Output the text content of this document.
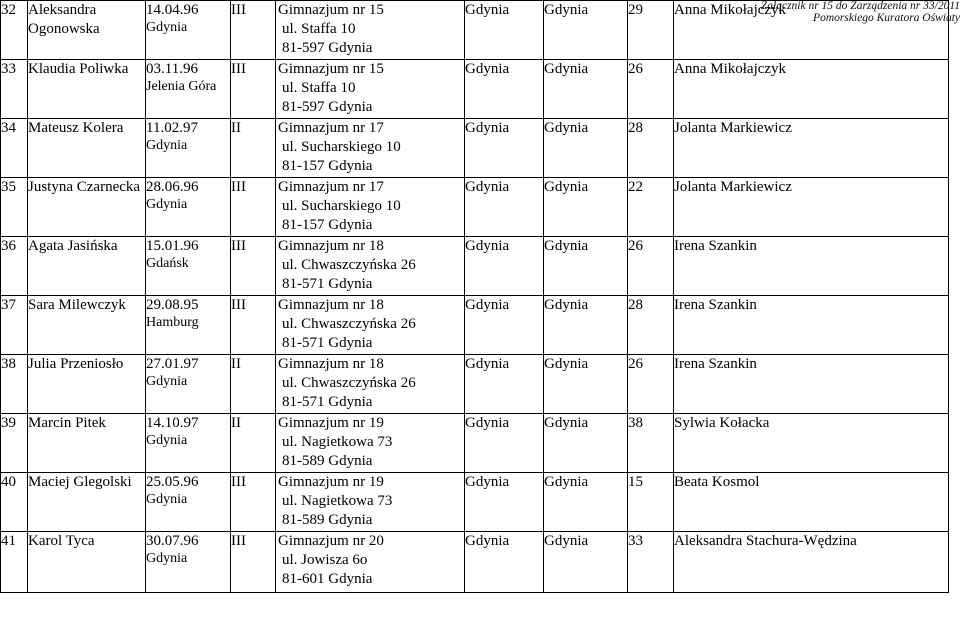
Załącznik nr 15 do Zarządzenia nr 33/2011
Pomorskiego Kuratora Oświaty
32	Aleksandra Ogonowska	14.04.96
Gdynia	III	Gimnazjum nr 15
ul. Staffa 10
81-597 Gdynia	Gdynia	Gdynia	29	Anna Mikołajczyk
33	Klaudia Poliwka	03.11.96
Jelenia Góra	III	Gimnazjum nr 15
ul. Staffa 10
81-597 Gdynia	Gdynia	Gdynia	26	Anna Mikołajczyk
34	Mateusz Kolera	11.02.97
Gdynia	II	Gimnazjum nr 17
ul. Sucharskiego 10
81-157 Gdynia	Gdynia	Gdynia	28	Jolanta Markiewicz
35	Justyna Czarnecka	28.06.96
Gdynia	III	Gimnazjum nr 17
ul. Sucharskiego 10
81-157 Gdynia	Gdynia	Gdynia	22	Jolanta Markiewicz
36	Agata Jasińska	15.01.96
Gdańsk	III	Gimnazjum nr 18
ul. Chwaszczyńska 26
81-571 Gdynia	Gdynia	Gdynia	26	Irena Szankin
37	Sara Milewczyk	29.08.95
Hamburg	III	Gimnazjum nr 18
ul. Chwaszczyńska 26
81-571 Gdynia	Gdynia	Gdynia	28	Irena Szankin
38	Julia Przeniosło	27.01.97
Gdynia	II	Gimnazjum nr 18
ul. Chwaszczyńska 26
81-571 Gdynia	Gdynia	Gdynia	26	Irena Szankin
39	Marcin Pitek	14.10.97
Gdynia	II	Gimnazjum nr 19
ul. Nagietkowa 73
81-589 Gdynia	Gdynia	Gdynia	38	Sylwia Kołacka
40	Maciej Glegolski	25.05.96
Gdynia	III	Gimnazjum nr 19
ul. Nagietkowa 73
81-589 Gdynia	Gdynia	Gdynia	15	Beata Kosmol
41	Karol Tyca	30.07.96
Gdynia	III	Gimnazjum nr 20
ul. Jowisza 6o
81-601 Gdynia	Gdynia	Gdynia	33	Aleksandra Stachura-Wędzina
